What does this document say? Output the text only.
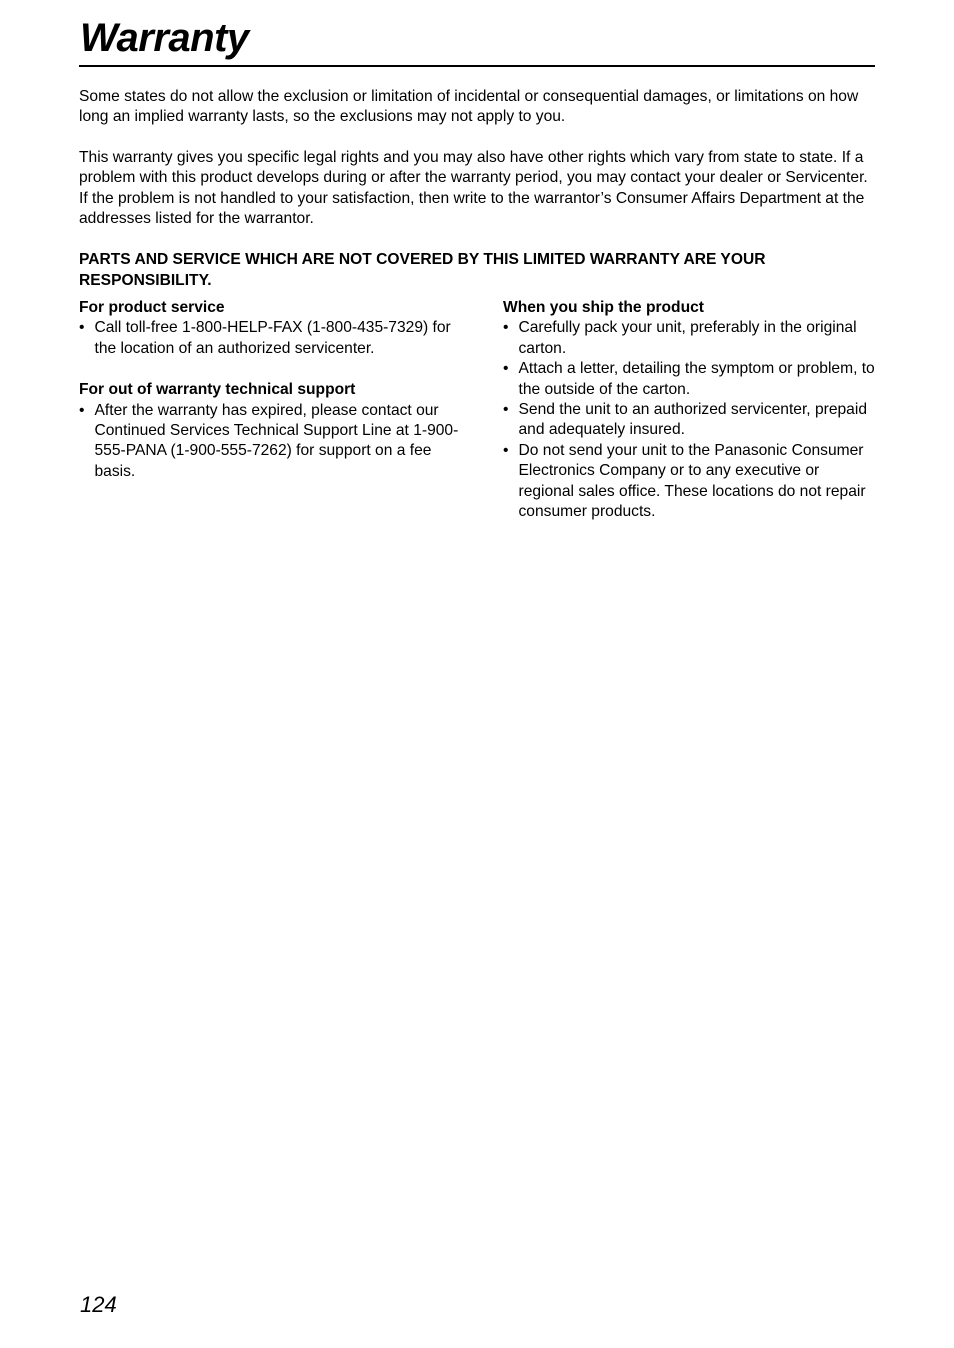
Warranty

Some states do not allow the exclusion or limitation of incidental or consequential damages, or limitations on how long an implied warranty lasts, so the exclusions may not apply to you.

This warranty gives you specific legal rights and you may also have other rights which vary from state to state. If a problem with this product develops during or after the warranty period, you may contact your dealer or Servicenter. If the problem is not handled to your satisfaction, then write to the warrantor’s Consumer Affairs Department at the addresses listed for the warrantor.

PARTS AND SERVICE WHICH ARE NOT COVERED BY THIS LIMITED WARRANTY ARE YOUR RESPONSIBILITY.

For product service

• Call toll-free 1-800-HELP-FAX (1-800-435-7329) for the location of an authorized servicenter.

For out of warranty technical support

• After the warranty has expired, please contact our Continued Services Technical Support Line at 1-900-555-PANA (1-900-555-7262) for support on a fee basis.

When you ship the product

• Carefully pack your unit, preferably in the original carton.
• Attach a letter, detailing the symptom or problem, to the outside of the carton.
• Send the unit to an authorized servicenter, prepaid and adequately insured.
• Do not send your unit to the Panasonic Consumer Electronics Company or to any executive or regional sales office. These locations do not repair consumer products.
124
